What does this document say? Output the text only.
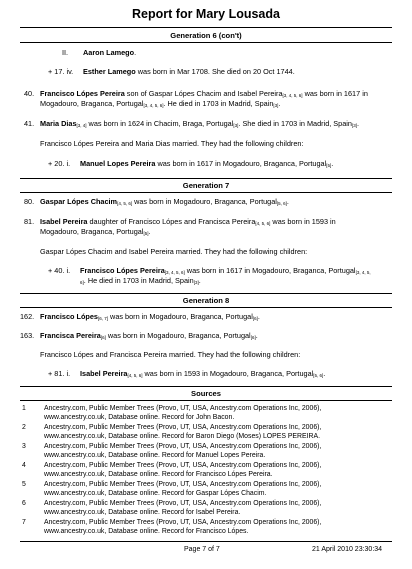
Report for Mary Lousada
Generation 6 (con't)
II. Aaron Lamego.
+ 17. iv. Esther Lamego was born in Mar 1708. She died on 20 Oct 1744.
40. Francisco Lópes Pereira son of Gaspar Lópes Chacim and Isabel Pereira$_{[3, 4, 5, 6]}$ was born in 1617 in
Mogadouro, Braganca, Portugal$_{[3, 4, 5, 6]}$. He died in 1703 in Madrid, Spain$_{[3]}$.
41. Maria Dias$_{[3, 4]}$ was born in 1624 in Chacim, Braga, Portugal$_{[3]}$. She died in 1703 in Madrid, Spain$_{[3]}$.
Francisco Lópes Pereira and Maria Dias married. They had the following children:
+ 20. i. Manuel Lopes Pereira was born in 1617 in Mogadouro, Braganca, Portugal$_{[5]}$.
Generation 7
80. Gaspar Lópes Chacim$_{[4, 5, 6]}$ was born in Mogadouro, Braganca, Portugal$_{[5, 6]}$.
81. Isabel Pereira daughter of Francisco Lópes and Francisca Pereira$_{[4, 5, 6]}$ was born in 1593 in
Mogadouro, Braganca, Portugal$_{[5]}$.
Gaspar Lópes Chacim and Isabel Pereira married. They had the following children:
+ 40. i. Francisco Lópes Pereira$_{[3, 4, 5, 6]}$ was born in 1617 in Mogadouro, Braganca, Portugal$_{[3, 4, 5,}$
$_{6]}$. He died in 1703 in Madrid, Spain$_{[3]}$.
Generation 8
162. Francisco Lópes$_{[6, 7]}$ was born in Mogadouro, Braganca, Portugal$_{[6]}$.
163. Francisca Pereira$_{[6]}$ was born in Mogadouro, Braganca, Portugal$_{[6]}$.
Francisco Lópes and Francisca Pereira married. They had the following children:
+ 81. i. Isabel Pereira$_{[4, 5, 6]}$ was born in 1593 in Mogadouro, Braganca, Portugal$_{[5, 6]}$.
Sources
1	Ancestry.com, Public Member Trees (Provo, UT, USA, Ancestry.com Operations Inc, 2006),
www.ancestry.co.uk, Database online. Record for John Bacon.
2	Ancestry.com, Public Member Trees (Provo, UT, USA, Ancestry.com Operations Inc, 2006),
www.ancestry.co.uk, Database online. Record for Baron Diego (Moses) LOPES PEREIRA.
3	Ancestry.com, Public Member Trees (Provo, UT, USA, Ancestry.com Operations Inc, 2006),
www.ancestry.co.uk, Database online. Record for Manuel Lopes Pereira.
4	Ancestry.com, Public Member Trees (Provo, UT, USA, Ancestry.com Operations Inc, 2006),
www.ancestry.co.uk, Database online. Record for Francisco Lópes Pereira.
5	Ancestry.com, Public Member Trees (Provo, UT, USA, Ancestry.com Operations Inc, 2006),
www.ancestry.co.uk, Database online. Record for Gaspar Lópes Chacim.
6	Ancestry.com, Public Member Trees (Provo, UT, USA, Ancestry.com Operations Inc, 2006),
www.ancestry.co.uk, Database online. Record for Isabel Pereira.
7	Ancestry.com, Public Member Trees (Provo, UT, USA, Ancestry.com Operations Inc, 2006),
www.ancestry.co.uk, Database online. Record for Francisco Lópes.
Page 7 of 7	21 April 2010 23:30:34
